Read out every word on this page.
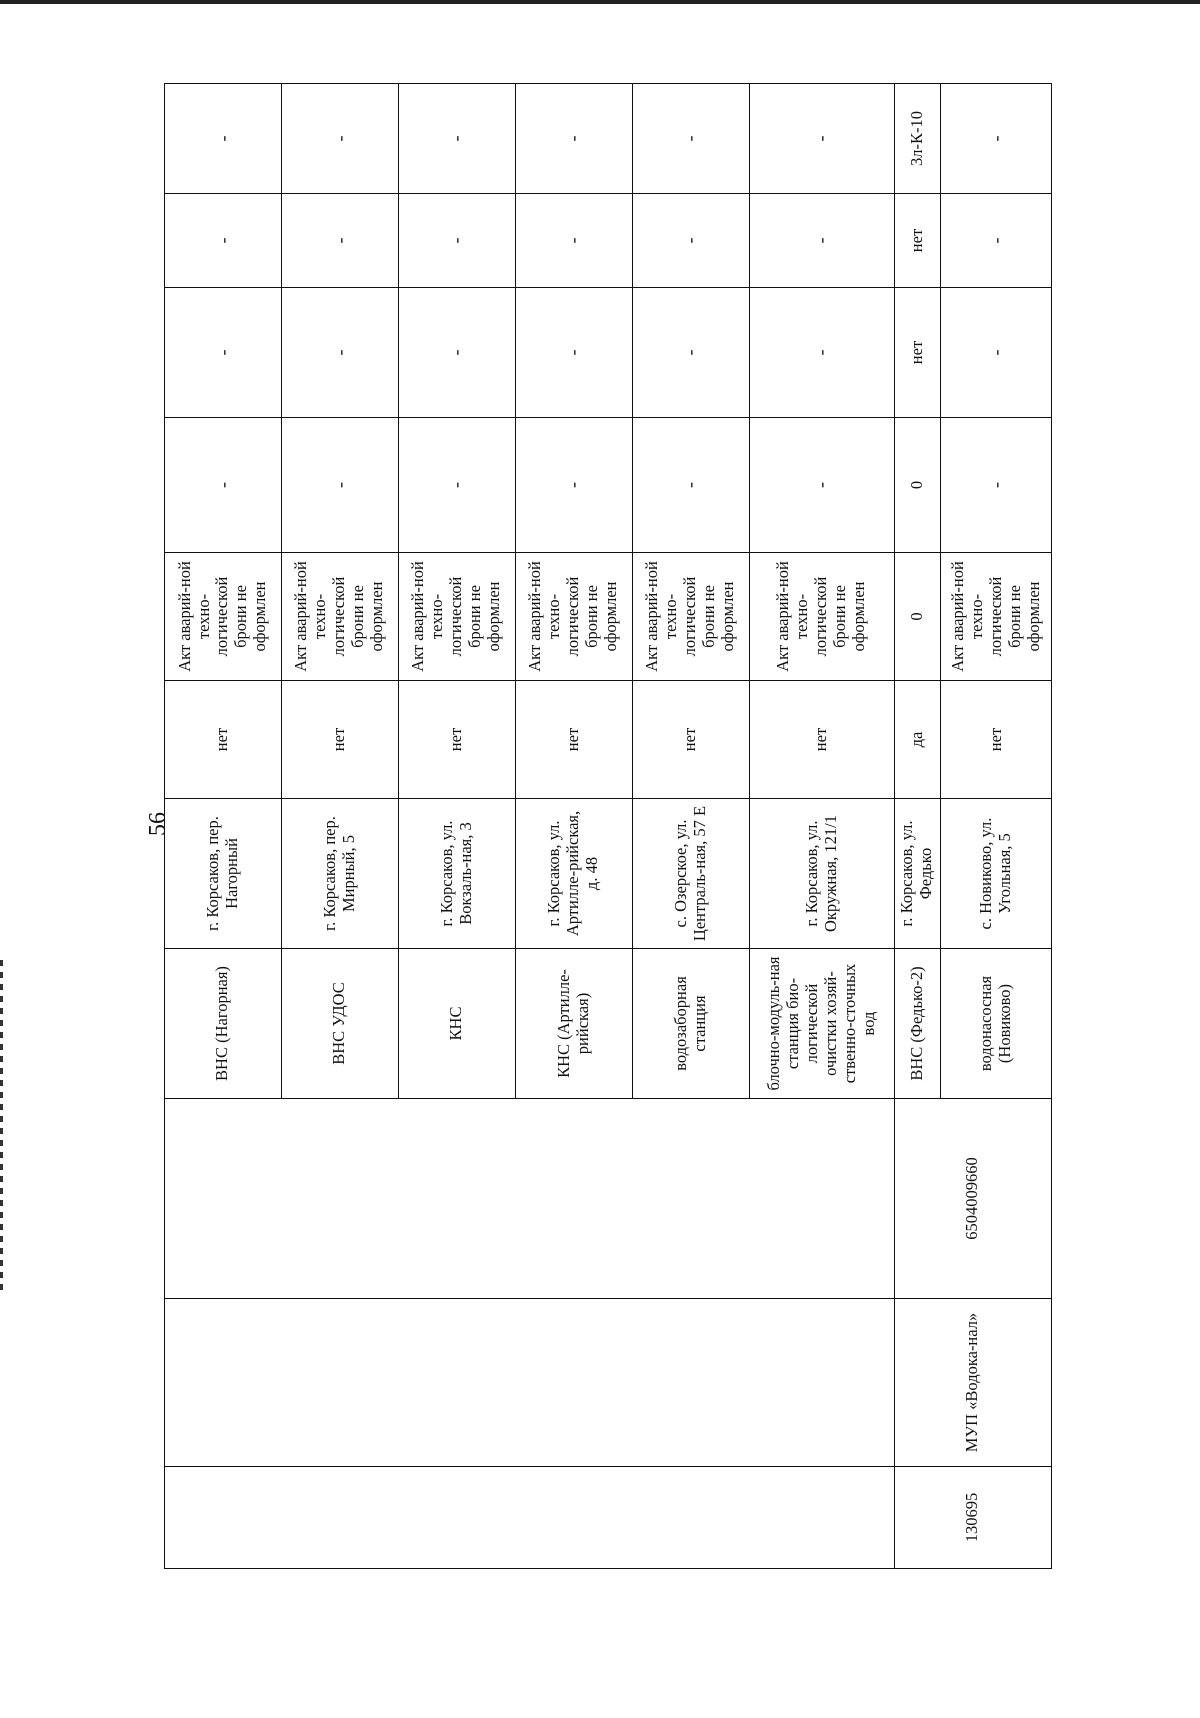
56
			ВНС (Нагорная)	г. Корсаков, пер. Нагорный	нет	Акт аварий-ной техно-логической брони не оформлен	-	-	-	-
			ВНС УДОС	г. Корсаков, пер. Мирный, 5	нет	Акт аварий-ной техно-логической брони не оформлен	-	-	-	-
			КНС	г. Корсаков, ул. Вокзаль-ная, 3	нет	Акт аварий-ной техно-логической брони не оформлен	-	-	-	-
			КНС (Артилле-рийская)	г. Корсаков, ул. Артилле-рийская, д. 48	нет	Акт аварий-ной техно-логической брони не оформлен	-	-	-	-
			водозаборная станция	с. Озерское, ул. Централь-ная, 57 Е	нет	Акт аварий-ной техно-логической брони не оформлен	-	-	-	-
			блочно-модуль-ная станция био-логической очистки хозяй-ственно-сточных вод	г. Корсаков, ул. Окружная, 121/1	нет	Акт аварий-ной техно-логической брони не оформлен	-	-	-	-
130695	МУП «Водока-нал»	6504009660	ВНС (Федько-2)	г. Корсаков, ул. Федько	да	0	0	нет	нет	3л-К-10
			водонасосная (Новиково)	с. Новиково, ул. Угольная, 5	нет	Акт аварий-ной техно-логической брони не оформлен	-	-	-	-
